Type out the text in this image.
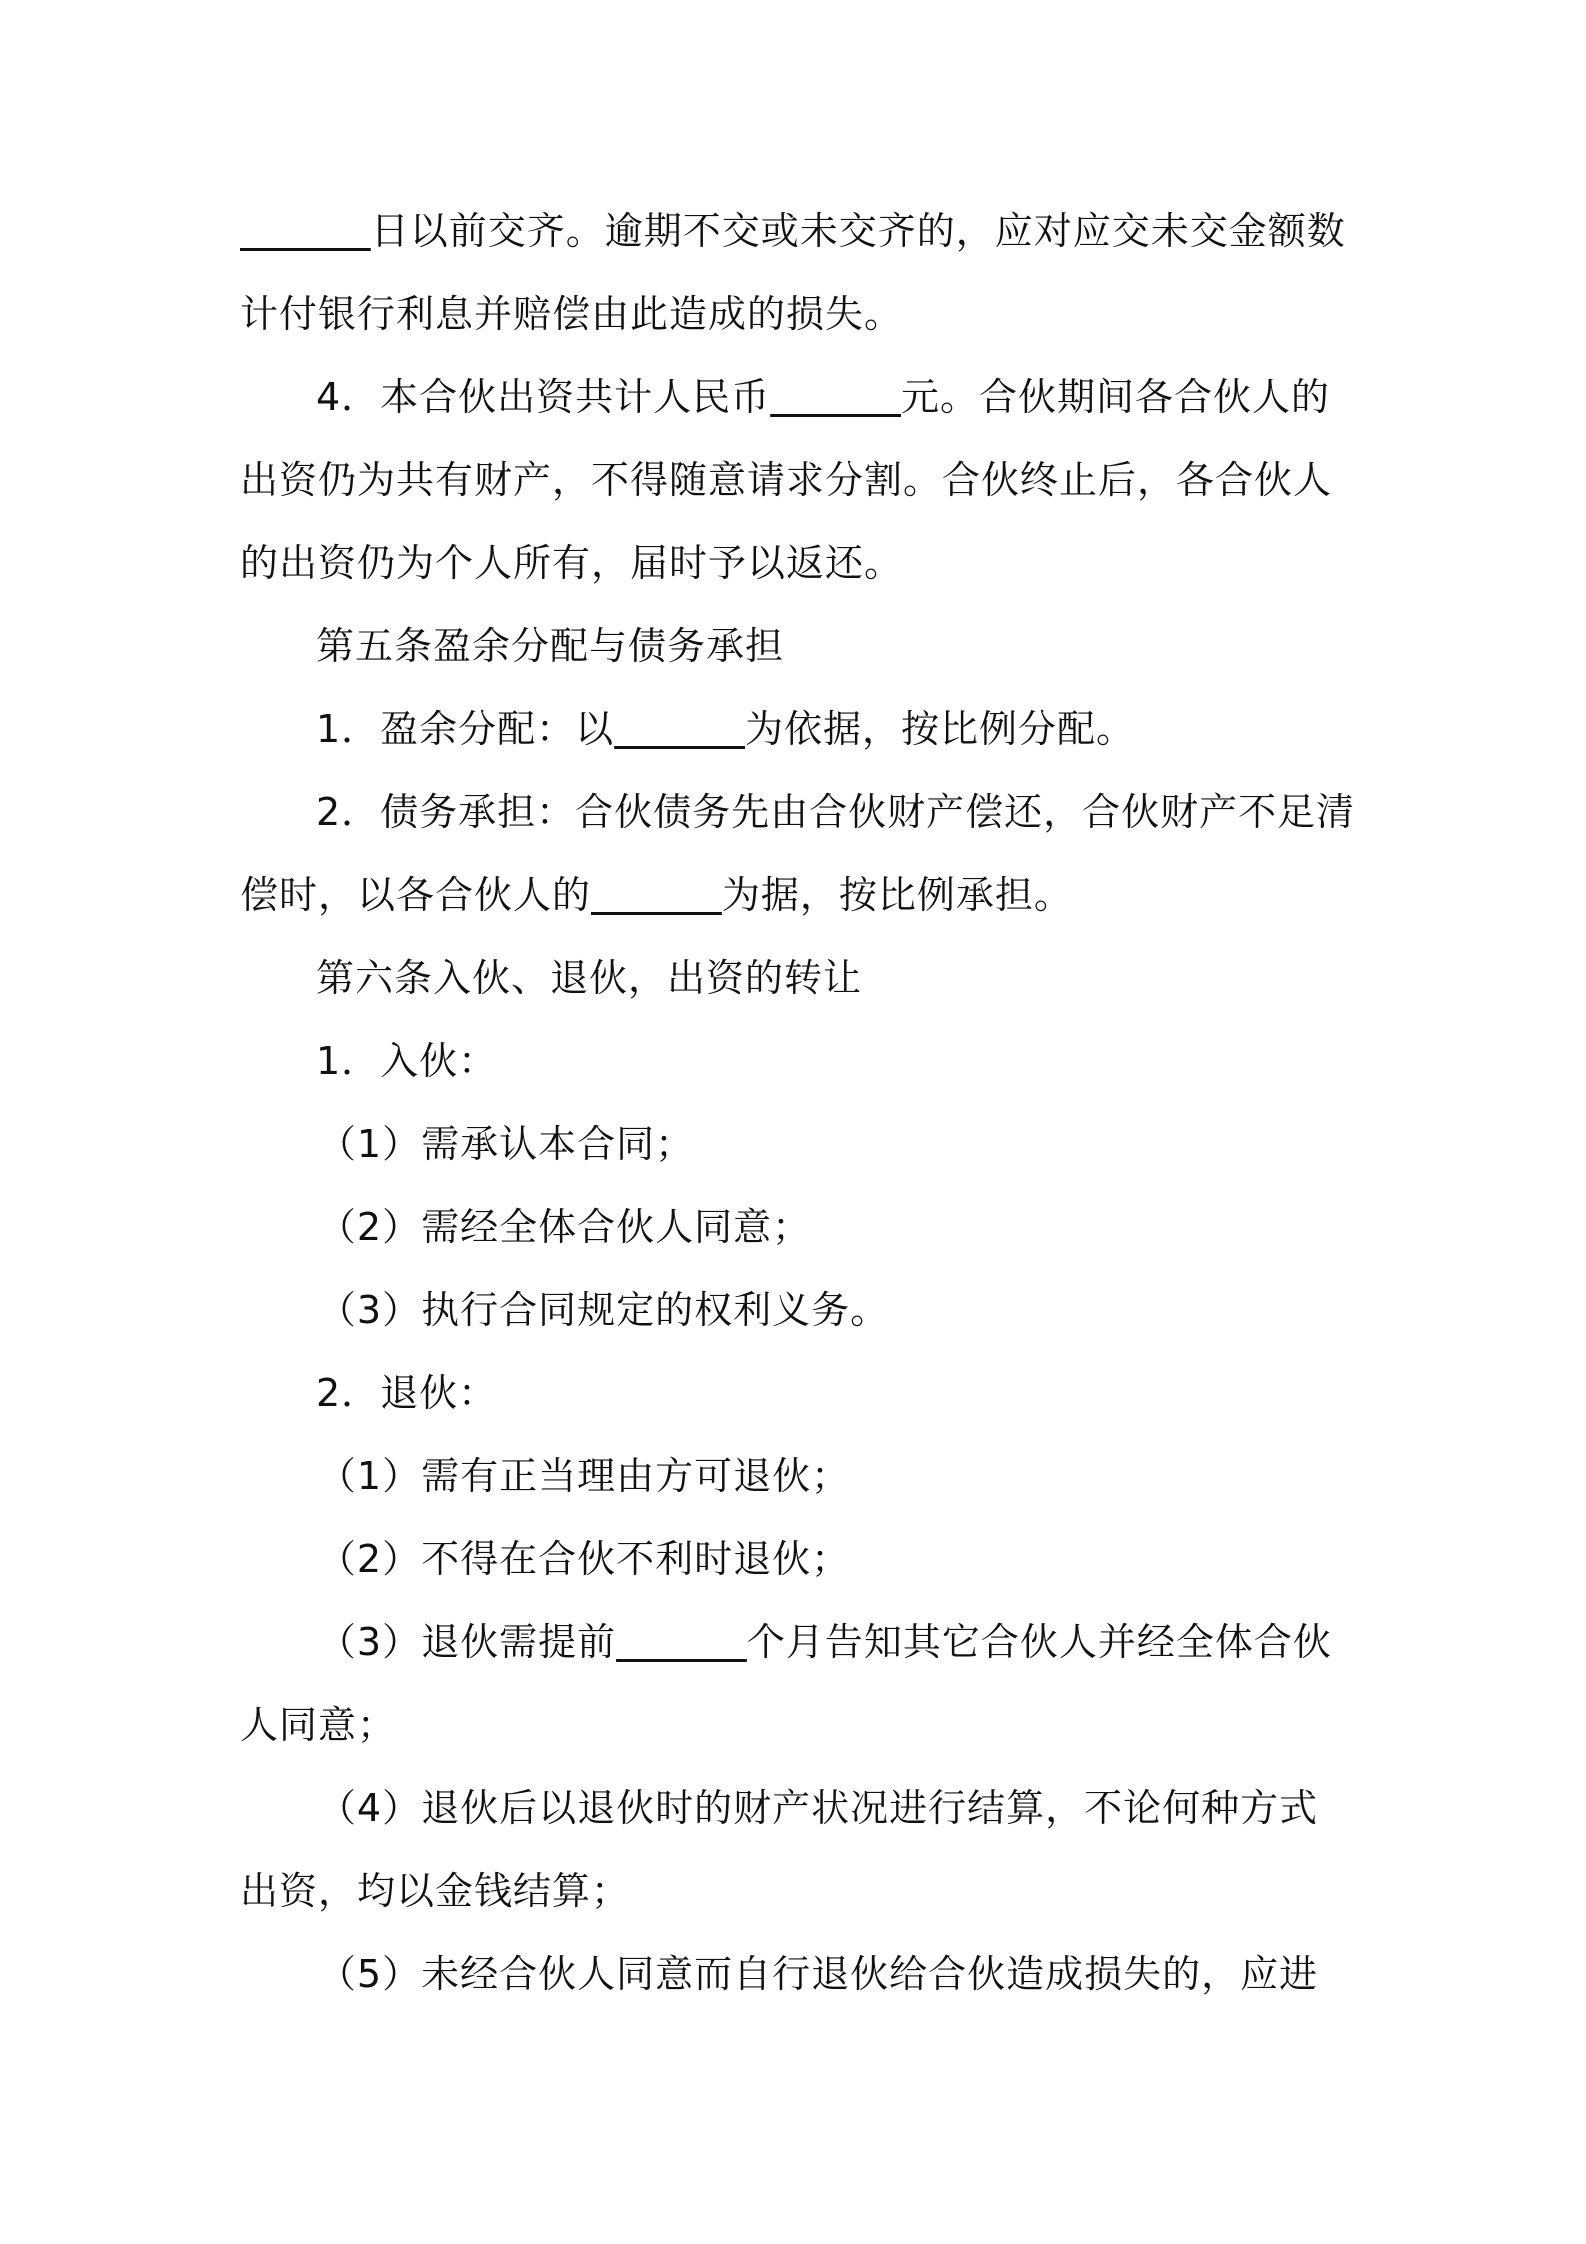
日以前交齐。逾期不交或未交齐的，应对应交未交金额数计付银行利息并赔偿由此造成的损失。

4．本合伙出资共计人民币	元。合伙期间各合伙人的出资仍为共有财产，不得随意请求分割。合伙终止后，各合伙人的出资仍为个人所有，届时予以返还。

第五条盈余分配与债务承担

1．盈余分配：以	为依据，按比例分配。

2．债务承担：合伙债务先由合伙财产偿还，合伙财产不足清偿时，以各合伙人的	为据，按比例承担。

第六条入伙、退伙，出资的转让

1．入伙：

（1）需承认本合同；

（2）需经全体合伙人同意；

（3）执行合同规定的权利义务。

2．退伙：

（1）需有正当理由方可退伙；

（2）不得在合伙不利时退伙；

（3）退伙需提前	个月告知其它合伙人并经全体合伙人同意；

（4）退伙后以退伙时的财产状况进行结算，不论何种方式出资，均以金钱结算；

（5）未经合伙人同意而自行退伙给合伙造成损失的，应进
